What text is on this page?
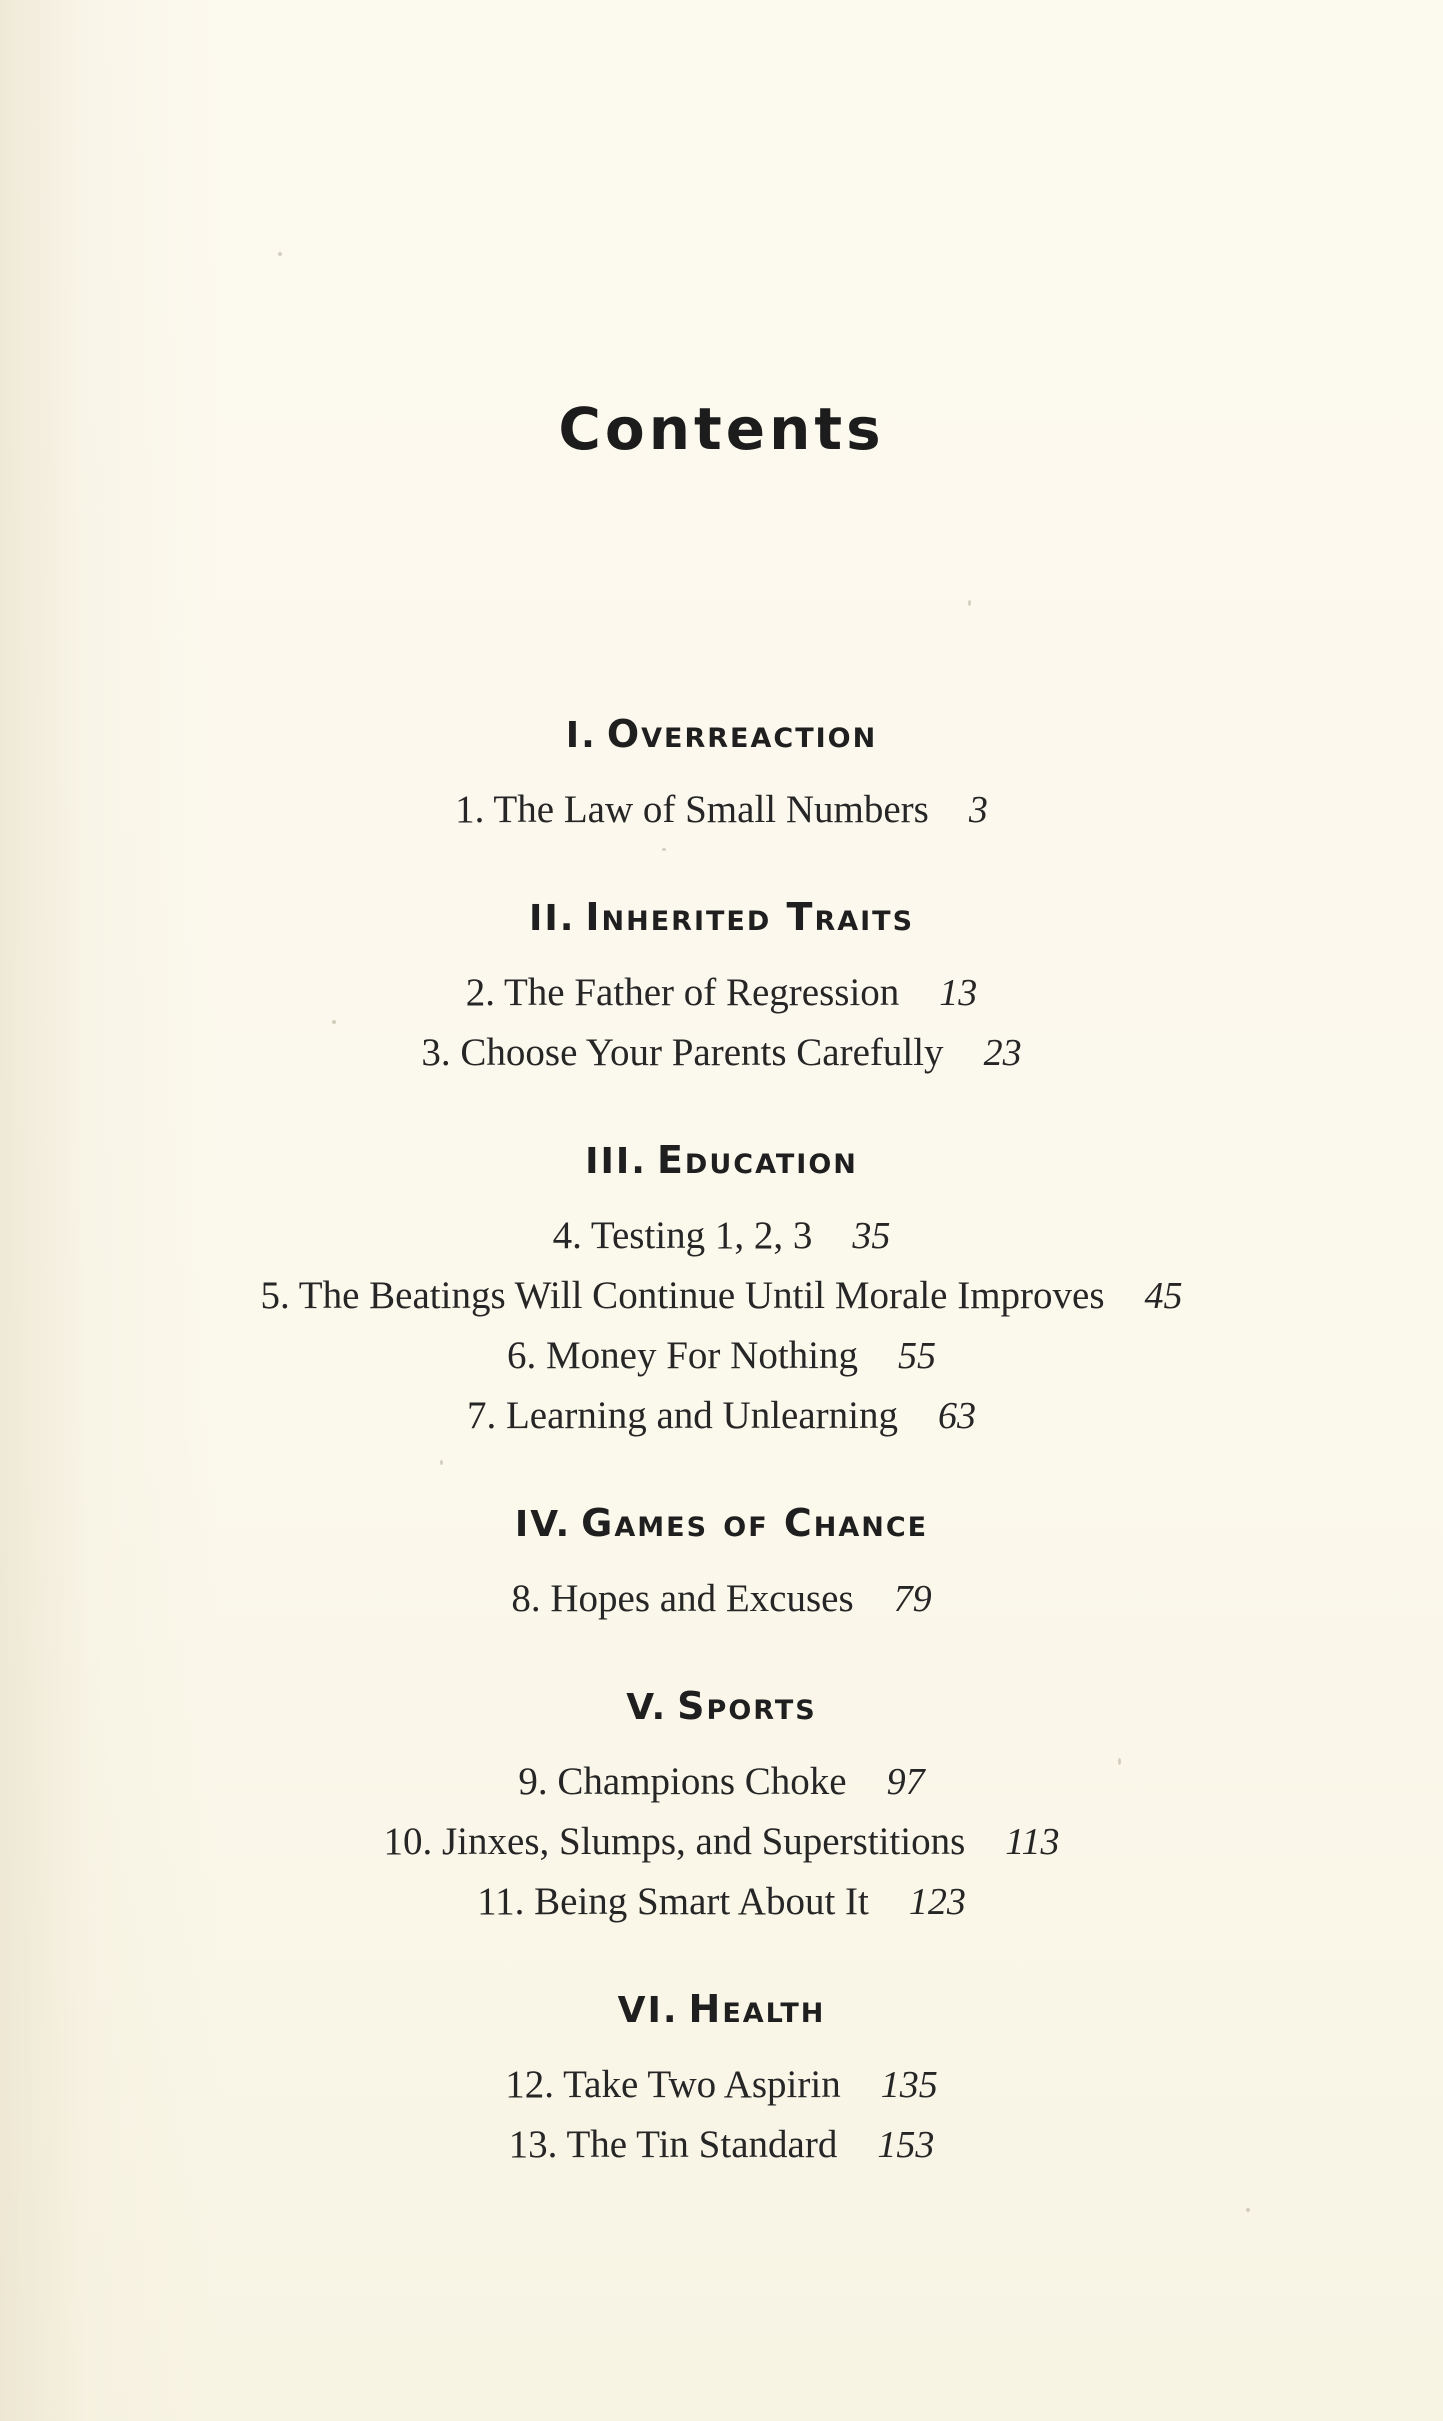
Contents
I. Overreaction
1. The Law of Small Numbers 3
II. Inherited Traits
2. The Father of Regression 13
3. Choose Your Parents Carefully 23
III. Education
4. Testing 1, 2, 3 35
5. The Beatings Will Continue Until Morale Improves 45
6. Money For Nothing 55
7. Learning and Unlearning 63
IV. Games of Chance
8. Hopes and Excuses 79
V. Sports
9. Champions Choke 97
10. Jinxes, Slumps, and Superstitions 113
11. Being Smart About It 123
VI. Health
12. Take Two Aspirin 135
13. The Tin Standard 153
